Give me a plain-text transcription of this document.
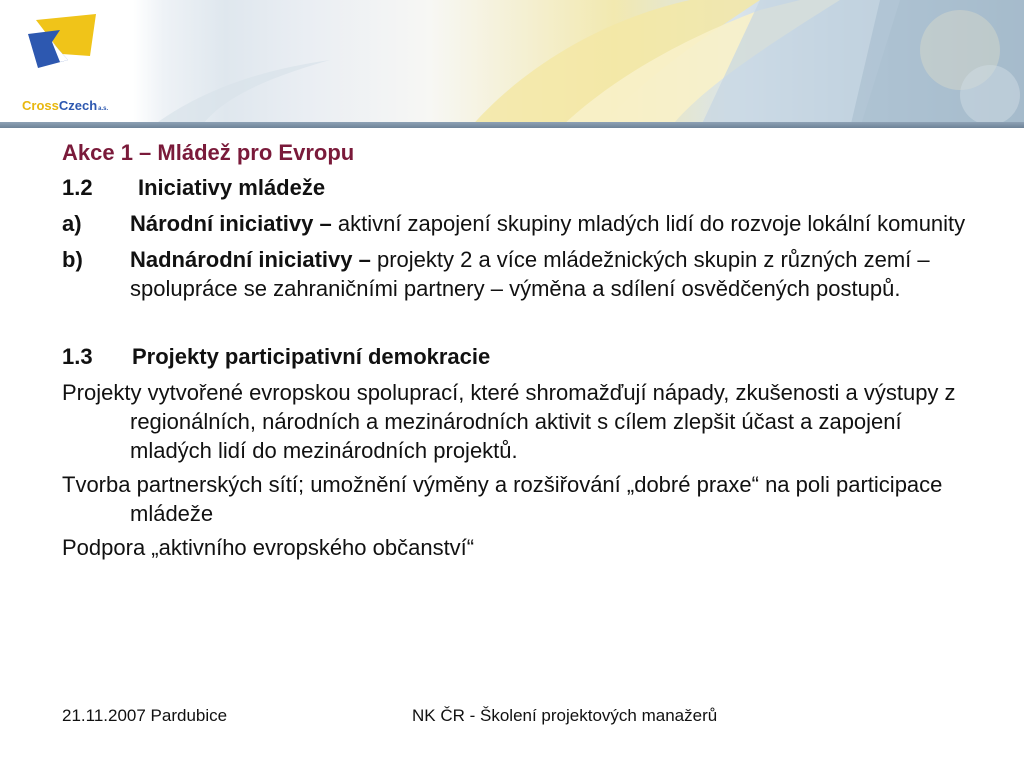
CrossCzecha.s.
Akce 1 – Mládež pro Evropu
1.2 Iniciativy mládeže
a) Národní iniciativy – aktivní zapojení skupiny mladých lidí do rozvoje lokální komunity
b) Nadnárodní iniciativy – projekty 2 a více mládežnických skupin z různých zemí – spolupráce se zahraničními partnery – výměna a sdílení osvědčených postupů.
1.3 Projekty participativní demokracie
Projekty vytvořené evropskou spoluprací, které shromažďují nápady, zkušenosti a výstupy z regionálních, národních a mezinárodních aktivit s cílem zlepšit účast a zapojení mladých lidí do mezinárodních projektů.
Tvorba partnerských sítí; umožnění výměny a rozšiřování „dobré praxe“ na poli participace mládeže
Podpora „aktivního evropského občanství“
21.11.2007 Pardubice	NK ČR - Školení projektových manažerů
